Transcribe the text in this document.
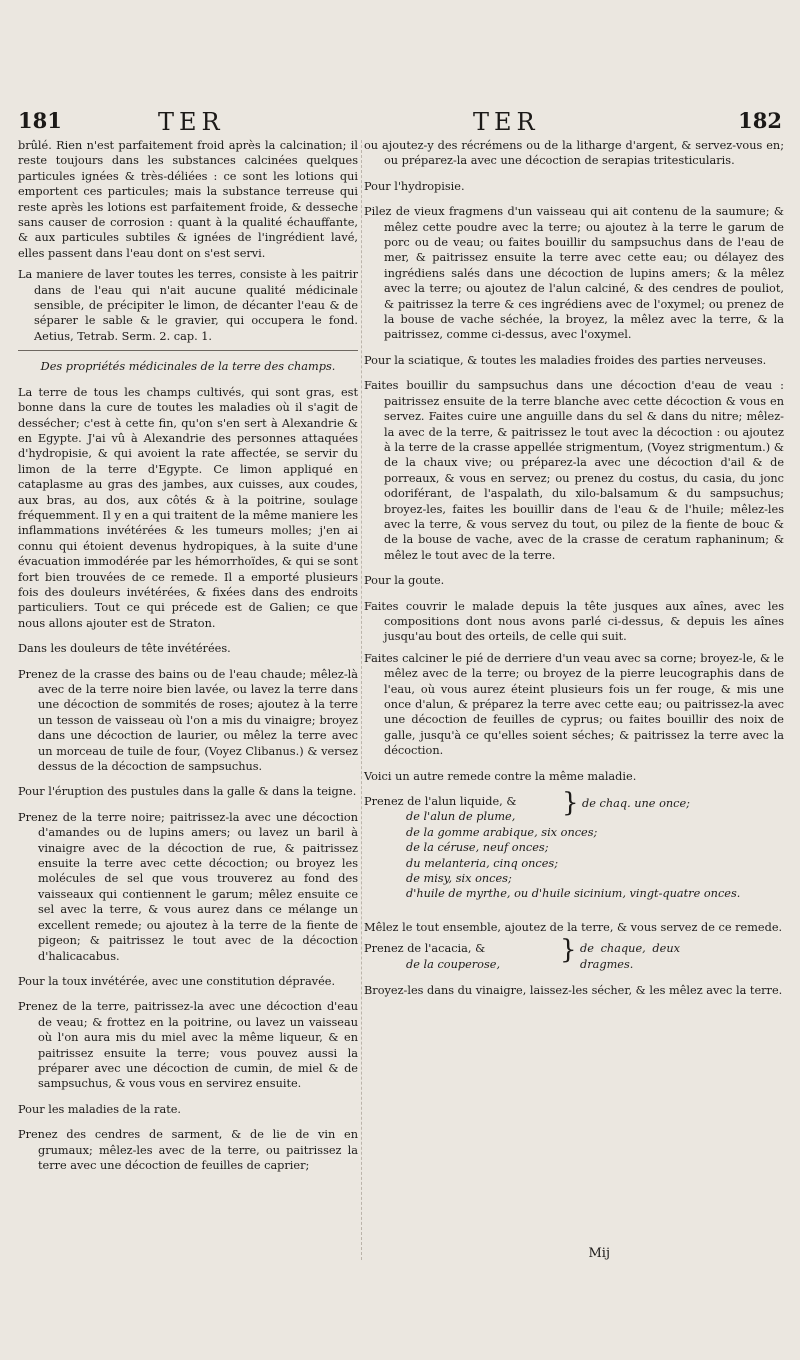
181	TER	TER	182

brûlé. Rien n'est parfaitement froid après la calcination; il reste toujours dans les substances calcinées quelques particules ignées & très-déliées : ce sont les lotions qui emportent ces particules; mais la substance terreuse qui reste après les lotions est parfaitement froide, & desseche sans causer de corrosion : quant à la qualité échauffante, & aux particules subtiles & ignées de l'ingrédient lavé, elles passent dans l'eau dont on s'est servi.

La maniere de laver toutes les terres, consiste à les paitrir dans de l'eau qui n'ait aucune qualité médicinale sensible, de précipiter le limon, de décanter l'eau & de séparer le sable & le gravier, qui occupera le fond. Aetius, Tetrab. Serm. 2. cap. 1.

Des propriétés médicinales de la terre des champs.

La terre de tous les champs cultivés, qui sont gras, est bonne dans la cure de toutes les maladies où il s'agit de dessécher; c'est à cette fin, qu'on s'en sert à Alexandrie & en Egypte. J'ai vû à Alexandrie des personnes attaquées d'hydropisie, & qui avoient la rate affectée, se servir du limon de la terre d'Egypte. Ce limon appliqué en cataplasme au gras des jambes, aux cuisses, aux coudes, aux bras, au dos, aux côtés & à la poitrine, soulage fréquemment. Il y en a qui traitent de la même maniere les inflammations invétérées & les tumeurs molles; j'en ai connu qui étoient devenus hydropiques, à la suite d'une évacuation immodérée par les hémorrhoïdes, & qui se sont fort bien trouvées de ce remede. Il a emporté plusieurs fois des douleurs invétérées, & fixées dans des endroits particuliers. Tout ce qui précede est de Galien; ce que nous allons ajouter est de Straton.

Dans les douleurs de tête invétérées.

Prenez de la crasse des bains ou de l'eau chaude; mêlez-là avec de la terre noire bien lavée, ou lavez la terre dans une décoction de sommités de roses; ajoutez à la terre un tesson de vaisseau où l'on a mis du vinaigre; broyez dans une décoction de laurier, ou mêlez la terre avec un morceau de tuile de four, (Voyez Clibanus.) & versez dessus de la décoction de sampsuchus.

Pour l'éruption des pustules dans la galle & dans la teigne.

Prenez de la terre noire; paitrissez-la avec une décoction d'amandes ou de lupins amers; ou lavez un baril à vinaigre avec de la décoction de rue, & paitrissez ensuite la terre avec cette décoction; ou broyez les molécules de sel que vous trouverez au fond des vaisseaux qui contiennent le garum; mêlez ensuite ce sel avec la terre, & vous aurez dans ce mélange un excellent remede; ou ajoutez à la terre de la fiente de pigeon; & paitrissez le tout avec de la décoction d'halicacabus.

Pour la toux invétérée, avec une constitution dépravée.

Prenez de la terre, paitrissez-la avec une décoction d'eau de veau; & frottez en la poitrine, ou lavez un vaisseau où l'on aura mis du miel avec la même liqueur, & en paitrissez ensuite la terre; vous pouvez aussi la préparer avec une décoction de cumin, de miel & de sampsuchus, & vous vous en servirez ensuite.

Pour les maladies de la rate.

Prenez des cendres de sarment, & de lie de vin en grumaux; mêlez-les avec de la terre, ou paitrissez la terre avec une décoction de feuilles de caprier;

ou ajoutez-y des récrémens ou de la litharge d'argent, & servez-vous en; ou préparez-la avec une décoction de serapias tritesticularis.

Pour l'hydropisie.

Pilez de vieux fragmens d'un vaisseau qui ait contenu de la saumure; & mêlez cette poudre avec la terre; ou ajoutez à la terre le garum de porc ou de veau; ou faites bouillir du sampsuchus dans de l'eau de mer, & paitrissez ensuite la terre avec cette eau; ou délayez des ingrédiens salés dans une décoction de lupins amers; & la mêlez avec la terre; ou ajoutez de l'alun calciné, & des cendres de pouliot, & paitrissez la terre & ces ingrédiens avec de l'oxymel; ou prenez de la bouse de vache séchée, la broyez, la mêlez avec la terre, & la paitrissez, comme ci-dessus, avec l'oxymel.

Pour la sciatique, & toutes les maladies froides des parties nerveuses.

Faites bouillir du sampsuchus dans une décoction d'eau de veau : paitrissez ensuite de la terre blanche avec cette décoction & vous en servez. Faites cuire une anguille dans du sel & dans du nitre; mêlez-la avec de la terre, & paitrissez le tout avec la décoction : ou ajoutez à la terre de la crasse appellée strigmentum, (Voyez strigmentum.) & de la chaux vive; ou préparez-la avec une décoction d'ail & de porreaux, & vous en servez; ou prenez du costus, du casia, du jonc odoriférant, de l'aspalath, du xilo-balsamum & du sampsuchus; broyez-les, faites les bouillir dans de l'eau & de l'huile; mêlez-les avec la terre, & vous servez du tout, ou pilez de la fiente de bouc & de la bouse de vache, avec de la crasse de ceratum raphaninum; & mêlez le tout avec de la terre.

Pour la goute.

Faites couvrir le malade depuis la tête jusques aux aînes, avec les compositions dont nous avons parlé ci-dessus, & depuis les aînes jusqu'au bout des orteils, de celle qui suit.

Faites calciner le pié de derriere d'un veau avec sa corne; broyez-le, & le mêlez avec de la terre; ou broyez de la pierre leucographis dans de l'eau, où vous aurez éteint plusieurs fois un fer rouge, & mis une once d'alun, & préparez la terre avec cette eau; ou paitrissez-la avec une décoction de feuilles de cyprus; ou faites bouillir des noix de galle, jusqu'à ce qu'elles soient séches; & paitrissez la terre avec la décoction.

Voici un autre remede contre la même maladie.

Prenez de l'alun liquide, &

de l'alun de plume,

de la gomme arabique, six onces;

de la céruse, neuf onces;

du melanteria, cinq onces;

de misy, six onces;

d'huile de myrthe, ou d'huile sicinium, vingt-quatre onces.

} de chaq. une once;

Mêlez le tout ensemble, ajoutez de la terre, & vous servez de ce remede.

Prenez de l'acacia, &

de la couperose,	} de chaque, deux dragmes.

Broyez-les dans du vinaigre, laissez-les sécher, & les mêlez avec la terre.

Mij
